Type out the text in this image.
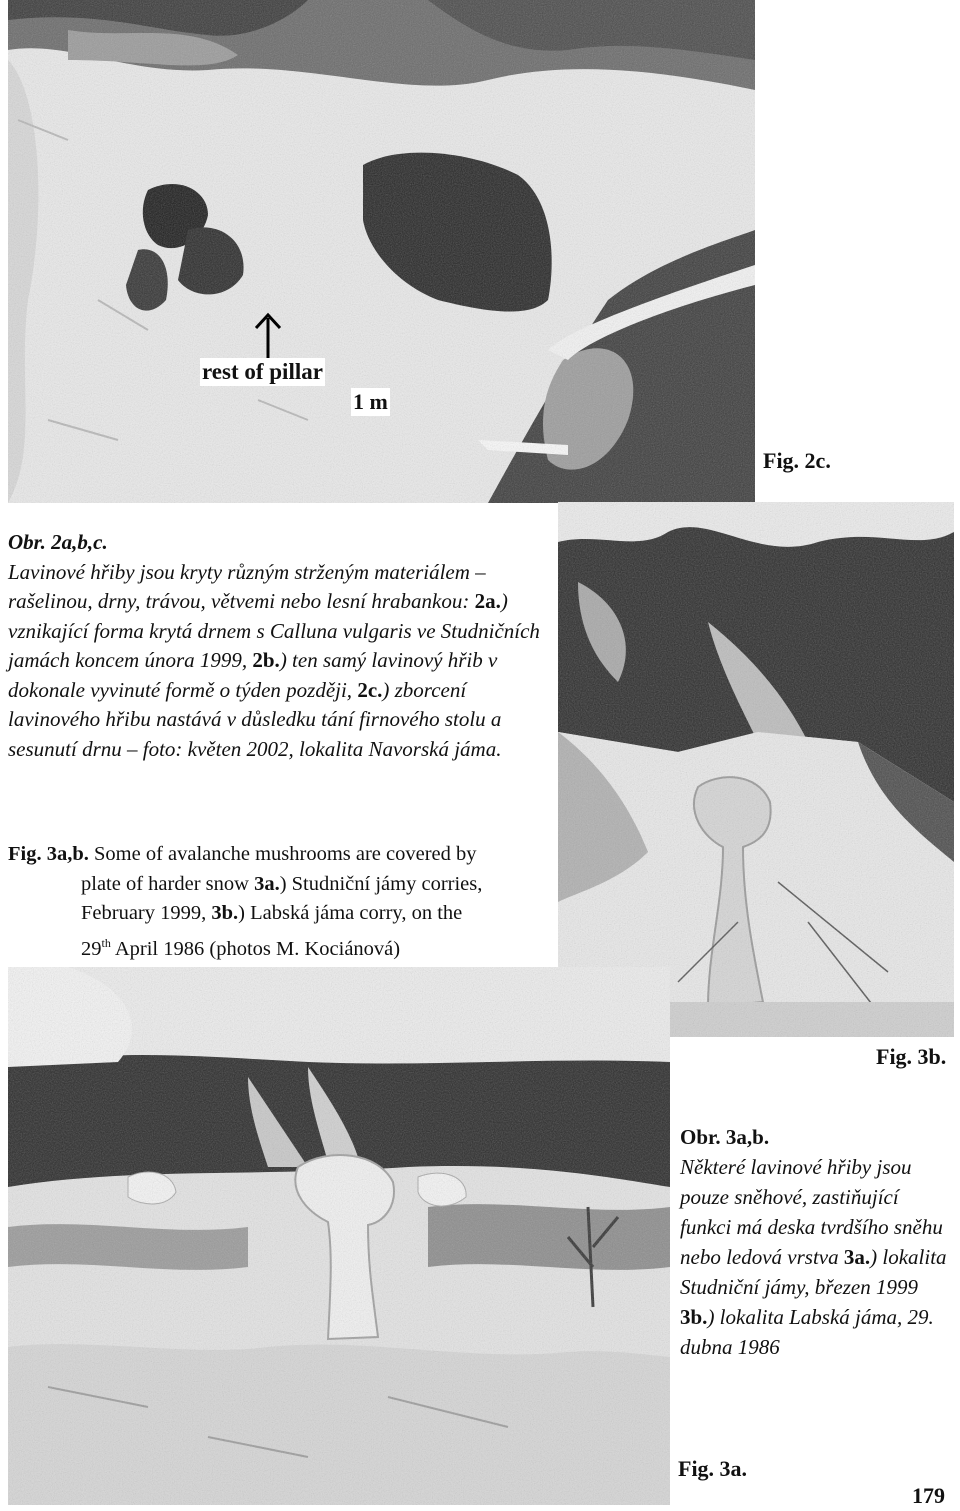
rest of pillar
1 m
Fig. 2c.
Obr. 2a,b,c.
Lavinové hřiby jsou kryty různým strženým materiálem – rašelinou, drny, trávou, větvemi nebo lesní hrabankou: 2a.) vznikající forma krytá drnem s Calluna vulgaris ve Studničních jamách koncem února 1999, 2b.) ten samý lavinový hřib v dokonale vyvinuté formě o týden později, 2c.) zborcení lavinového hřibu nastává v důsledku tání firnového stolu a sesunutí drnu – foto: květen 2002, lokalita Navorská jáma.
Fig. 3a,b. Some of avalanche mushrooms are covered by
plate of harder snow 3a.) Studniční jámy corries,
February 1999, 3b.) Labská jáma corry, on the
29th April 1986 (photos M. Kociánová)
Fig. 3b.
Obr. 3a,b.
Některé lavinové hřiby jsou pouze sněhové, zastiňující funkci má deska tvrdšího sněhu nebo ledová vrstva 3a.) lokalita Studniční jámy, březen 1999 3b.) lokalita Labská jáma, 29. dubna 1986
Fig. 3a.
179
